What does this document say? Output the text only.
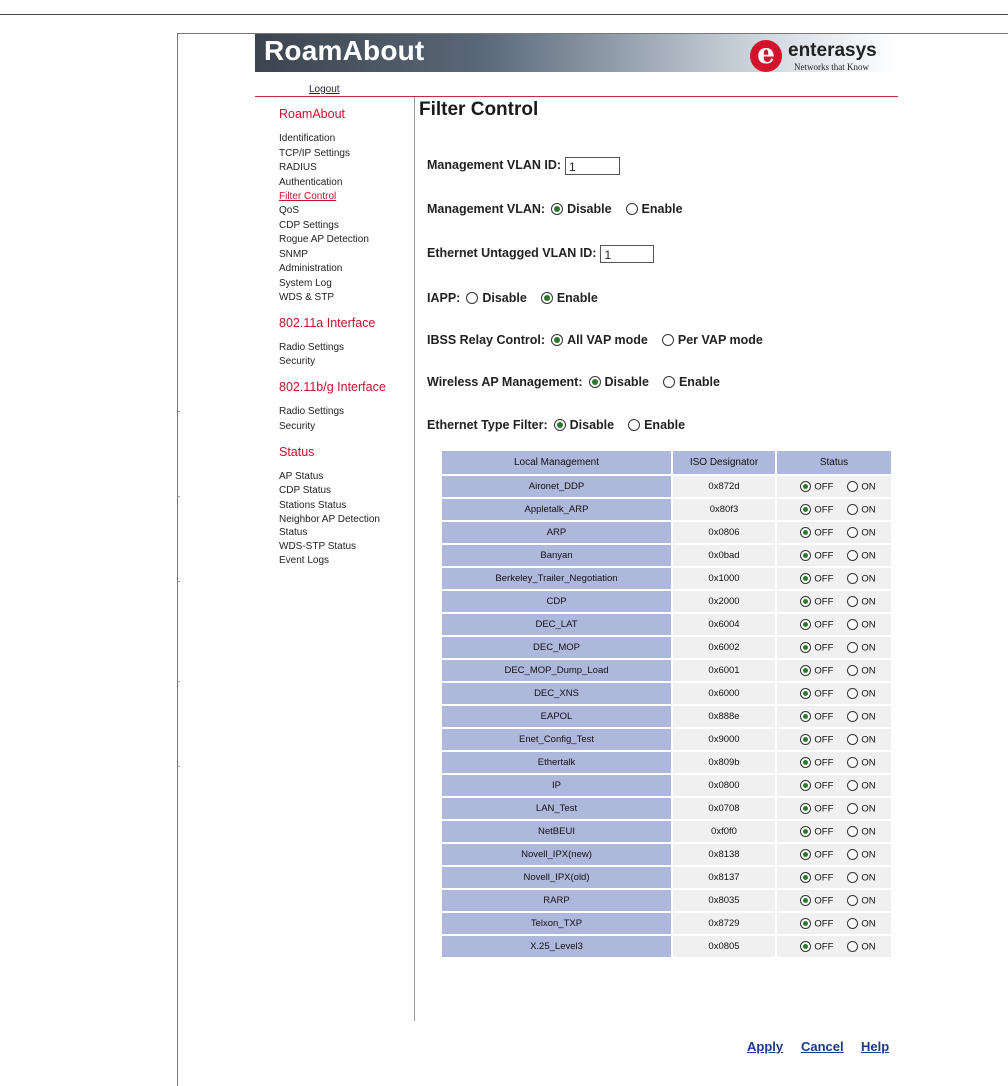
RoamAbout	e enterasys
Networks that Know
Logout
RoamAbout
Identification
TCP/IP Settings
RADIUS
Authentication
Filter Control
QoS
CDP Settings
Rogue AP Detection
SNMP
Administration
System Log
WDS & STP
802.11a Interface
Radio Settings
Security
802.11b/g Interface
Radio Settings
Security
Status
AP Status
CDP Status
Stations Status
Neighbor AP Detection
Status
WDS-STP Status
Event Logs
Filter Control
Management VLAN ID: 1
Management VLAN: Disable Enable
Ethernet Untagged VLAN ID: 1
IAPP: Disable Enable
IBSS Relay Control: All VAP mode Per VAP mode
Wireless AP Management: Disable Enable
Ethernet Type Filter: Disable Enable
Local Management	ISO Designator	Status
Aironet_DDP	0x872d	OFF ON
Appletalk_ARP	0x80f3	OFF ON
ARP	0x0806	OFF ON
Banyan	0x0bad	OFF ON
Berkeley_Trailer_Negotiation	0x1000	OFF ON
CDP	0x2000	OFF ON
DEC_LAT	0x6004	OFF ON
DEC_MOP	0x6002	OFF ON
DEC_MOP_Dump_Load	0x6001	OFF ON
DEC_XNS	0x6000	OFF ON
EAPOL	0x888e	OFF ON
Enet_Config_Test	0x9000	OFF ON
Ethertalk	0x809b	OFF ON
IP	0x0800	OFF ON
LAN_Test	0x0708	OFF ON
NetBEUI	0xf0f0	OFF ON
Novell_IPX(new)	0x8138	OFF ON
Novell_IPX(old)	0x8137	OFF ON
RARP	0x8035	OFF ON
Telxon_TXP	0x8729	OFF ON
X.25_Level3	0x0805	OFF ON
Apply Cancel Help
